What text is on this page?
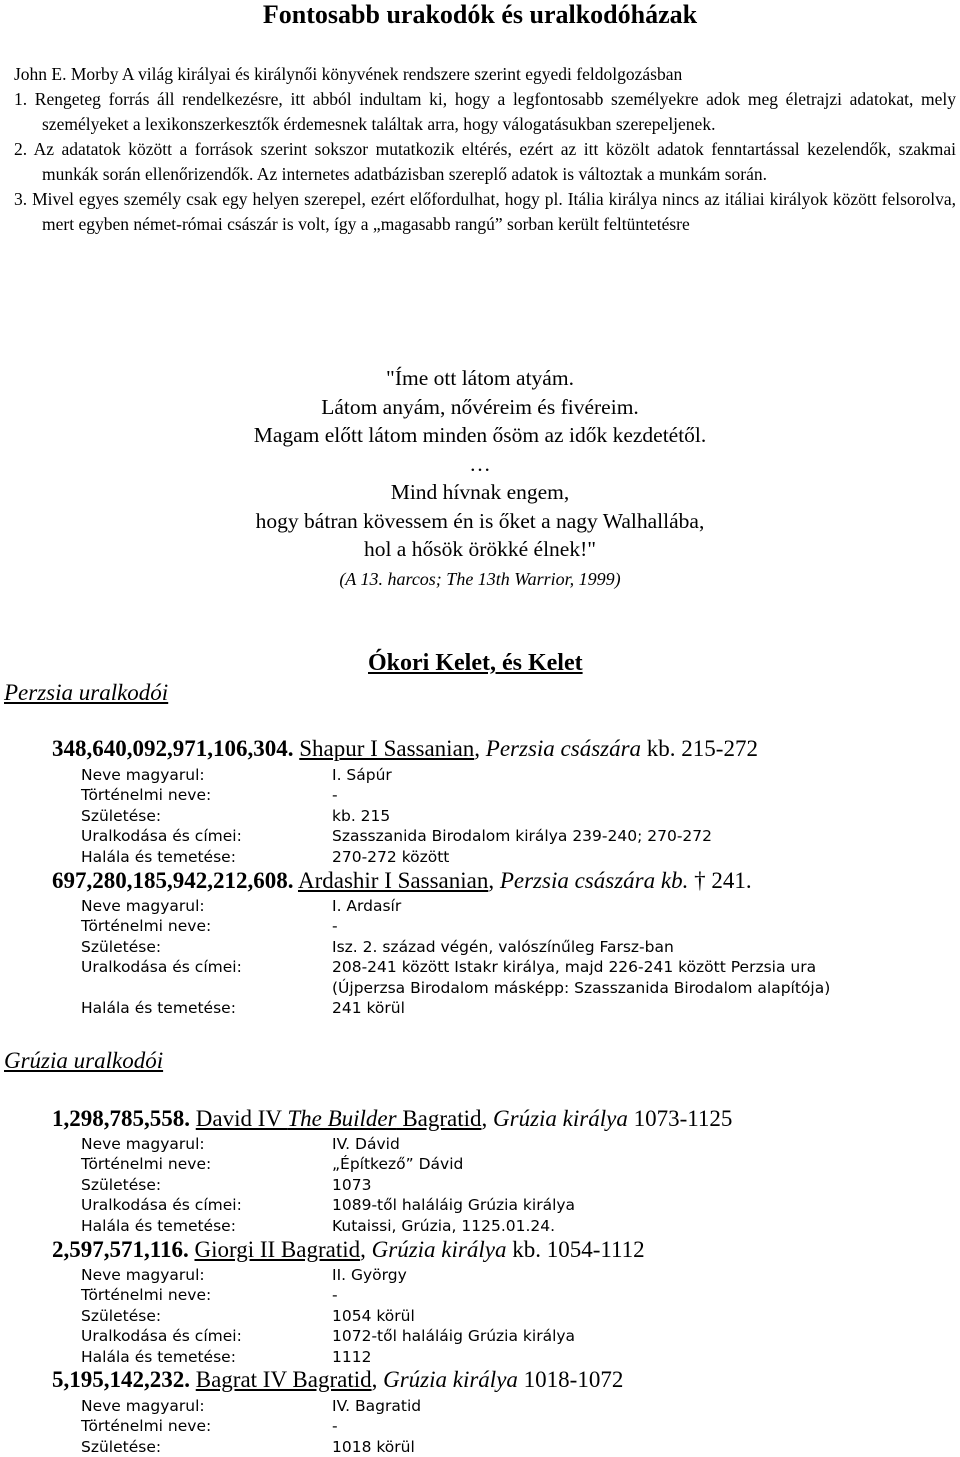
Fontosabb urakodók és uralkodóházak

John E. Morby A világ királyai és királynői könyvének rendszere szerint egyedi feldolgozásban

1. Rengeteg forrás áll rendelkezésre, itt abból indultam ki, hogy a legfontosabb személyekre adok meg életrajzi adatokat, mely személyeket a lexikonszerkesztők érdemesnek találtak arra, hogy válogatásukban szerepeljenek.

2. Az adatatok között a források szerint sokszor mutatkozik eltérés, ezért az itt közölt adatok fenntartással kezelendők, szakmai munkák során ellenőrizendők. Az internetes adatbázisban szereplő adatok is változtak a munkám során.

3. Mivel egyes személy csak egy helyen szerepel, ezért előfordulhat, hogy pl. Itália királya nincs az itáliai királyok között felsorolva, mert egyben német-római császár is volt, így a „magasabb rangú” sorban került feltüntetésre

"Íme ott látom atyám.
Látom anyám, nővéreim és fivéreim.
Magam előtt látom minden ősöm az idők kezdetétől.
…
Mind hívnak engem,
hogy bátran kövessem én is őket a nagy Walhallába,
hol a hősök örökké élnek!"
(A 13. harcos; The 13th Warrior, 1999)
Ókori Kelet, és Kelet
Perzsia uralkodói
348,640,092,971,106,304. Shapur I Sassanian, Perzsia császára kb. 215-272
Neve magyarul:	I. Sápúr
Történelmi neve:	-
Születése:	kb. 215
Uralkodása és címei:	Szasszanida Birodalom királya 239-240; 270-272
Halála és temetése:	270-272 között
697,280,185,942,212,608. Ardashir I Sassanian, Perzsia császára kb. † 241.
Neve magyarul:	I. Ardasír
Történelmi neve:	-
Születése:	Isz. 2. század végén, valószínűleg Farsz-ban
Uralkodása és címei:	208-241 között Istakr királya, majd 226-241 között Perzsia ura
(Újperzsa Birodalom másképp: Szasszanida Birodalom alapítója)
Halála és temetése:	241 körül
Grúzia uralkodói
1,298,785,558. David IV The Builder Bagratid, Grúzia királya 1073-1125
Neve magyarul:	IV. Dávid
Történelmi neve:	„Építkező” Dávid
Születése:	1073
Uralkodása és címei:	1089-től haláláig Grúzia királya
Halála és temetése:	Kutaissi, Grúzia, 1125.01.24.
2,597,571,116. Giorgi II Bagratid, Grúzia királya kb. 1054-1112
Neve magyarul:	II. György
Történelmi neve:	-
Születése:	1054 körül
Uralkodása és címei:	1072-től haláláig Grúzia királya
Halála és temetése:	1112
5,195,142,232. Bagrat IV Bagratid, Grúzia királya 1018-1072
Neve magyarul:	IV. Bagratid
Történelmi neve:	-
Születése:	1018 körül
